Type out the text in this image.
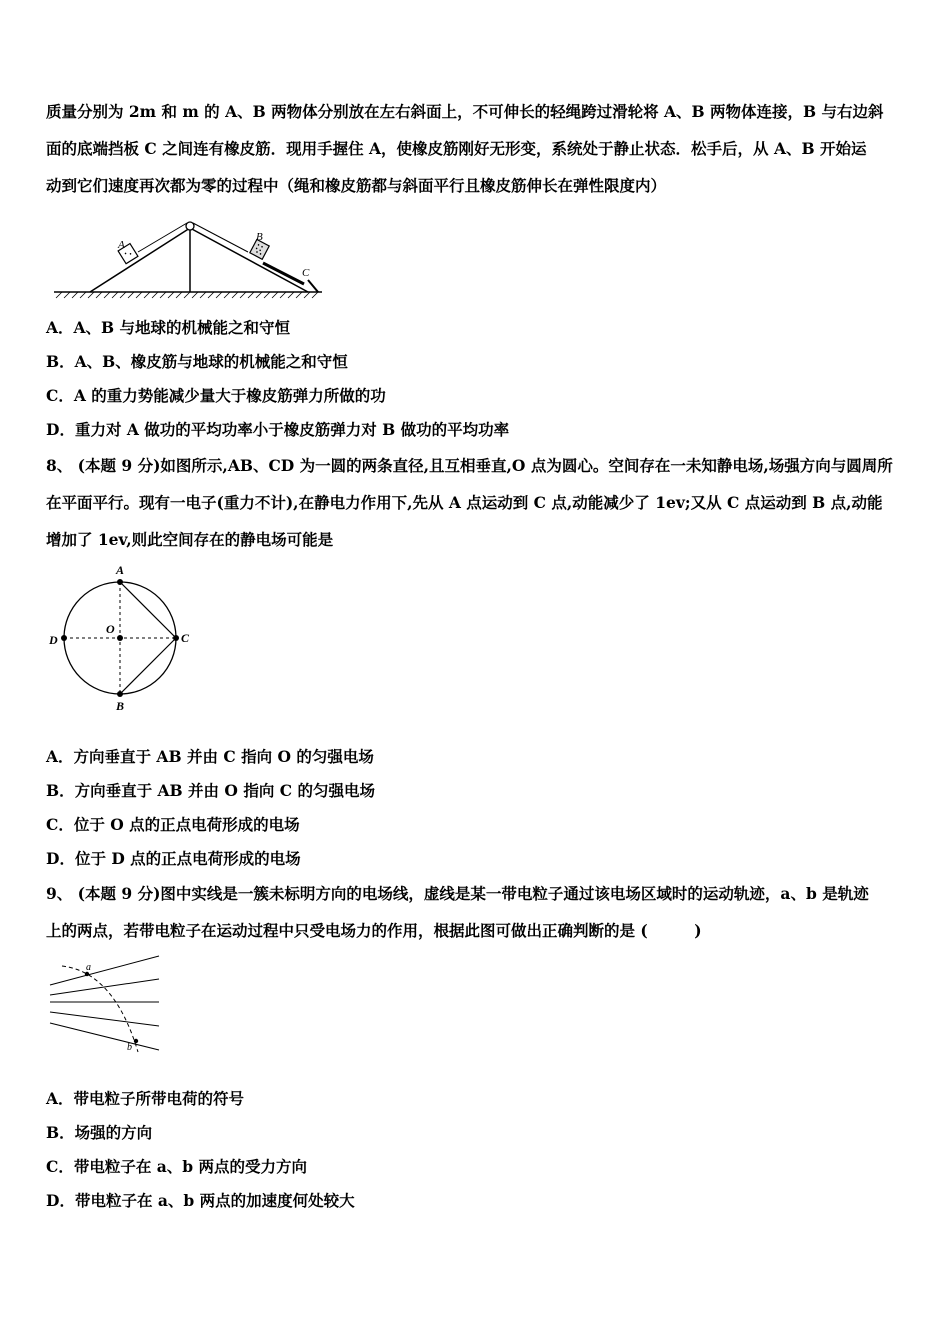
质量分别为 2m 和 m 的 A、B 两物体分别放在左右斜面上，不可伸长的轻绳跨过滑轮将 A、B 两物体连接，B 与右边斜
面的底端挡板 C 之间连有橡皮筋．现用手握住 A，使橡皮筋刚好无形变，系统处于静止状态．松手后，从 A、B 开始运
动到它们速度再次都为零的过程中（绳和橡皮筋都与斜面平行且橡皮筋伸长在弹性限度内）
A
B
C
A．A、B 与地球的机械能之和守恒
B．A、B、橡皮筋与地球的机械能之和守恒
C．A 的重力势能减少量大于橡皮筋弹力所做的功
D．重力对 A 做功的平均功率小于橡皮筋弹力对 B 做功的平均功率
8、 (本题 9 分)如图所示,AB、CD 为一圆的两条直径,且互相垂直,O 点为圆心。空间存在一未知静电场,场强方向与圆周所
在平面平行。现有一电子(重力不计),在静电力作用下,先从 A 点运动到 C 点,动能减少了 1ev;又从 C 点运动到 B 点,动能
增加了 1ev,则此空间存在的静电场可能是
A
B
C
D
O
A．方向垂直于 AB 并由 C 指向 O 的匀强电场
B．方向垂直于 AB 并由 O 指向 C 的匀强电场
C．位于 O 点的正点电荷形成的电场
D．位于 D 点的正点电荷形成的电场
9、 (本题 9 分)图中实线是一簇未标明方向的电场线，虚线是某一带电粒子通过该电场区域时的运动轨迹，a、b 是轨迹
上的两点，若带电粒子在运动过程中只受电场力的作用，根据此图可做出正确判断的是 (　　　)
a
b
A．带电粒子所带电荷的符号
B．场强的方向
C．带电粒子在 a、b 两点的受力方向
D．带电粒子在 a、b 两点的加速度何处较大
